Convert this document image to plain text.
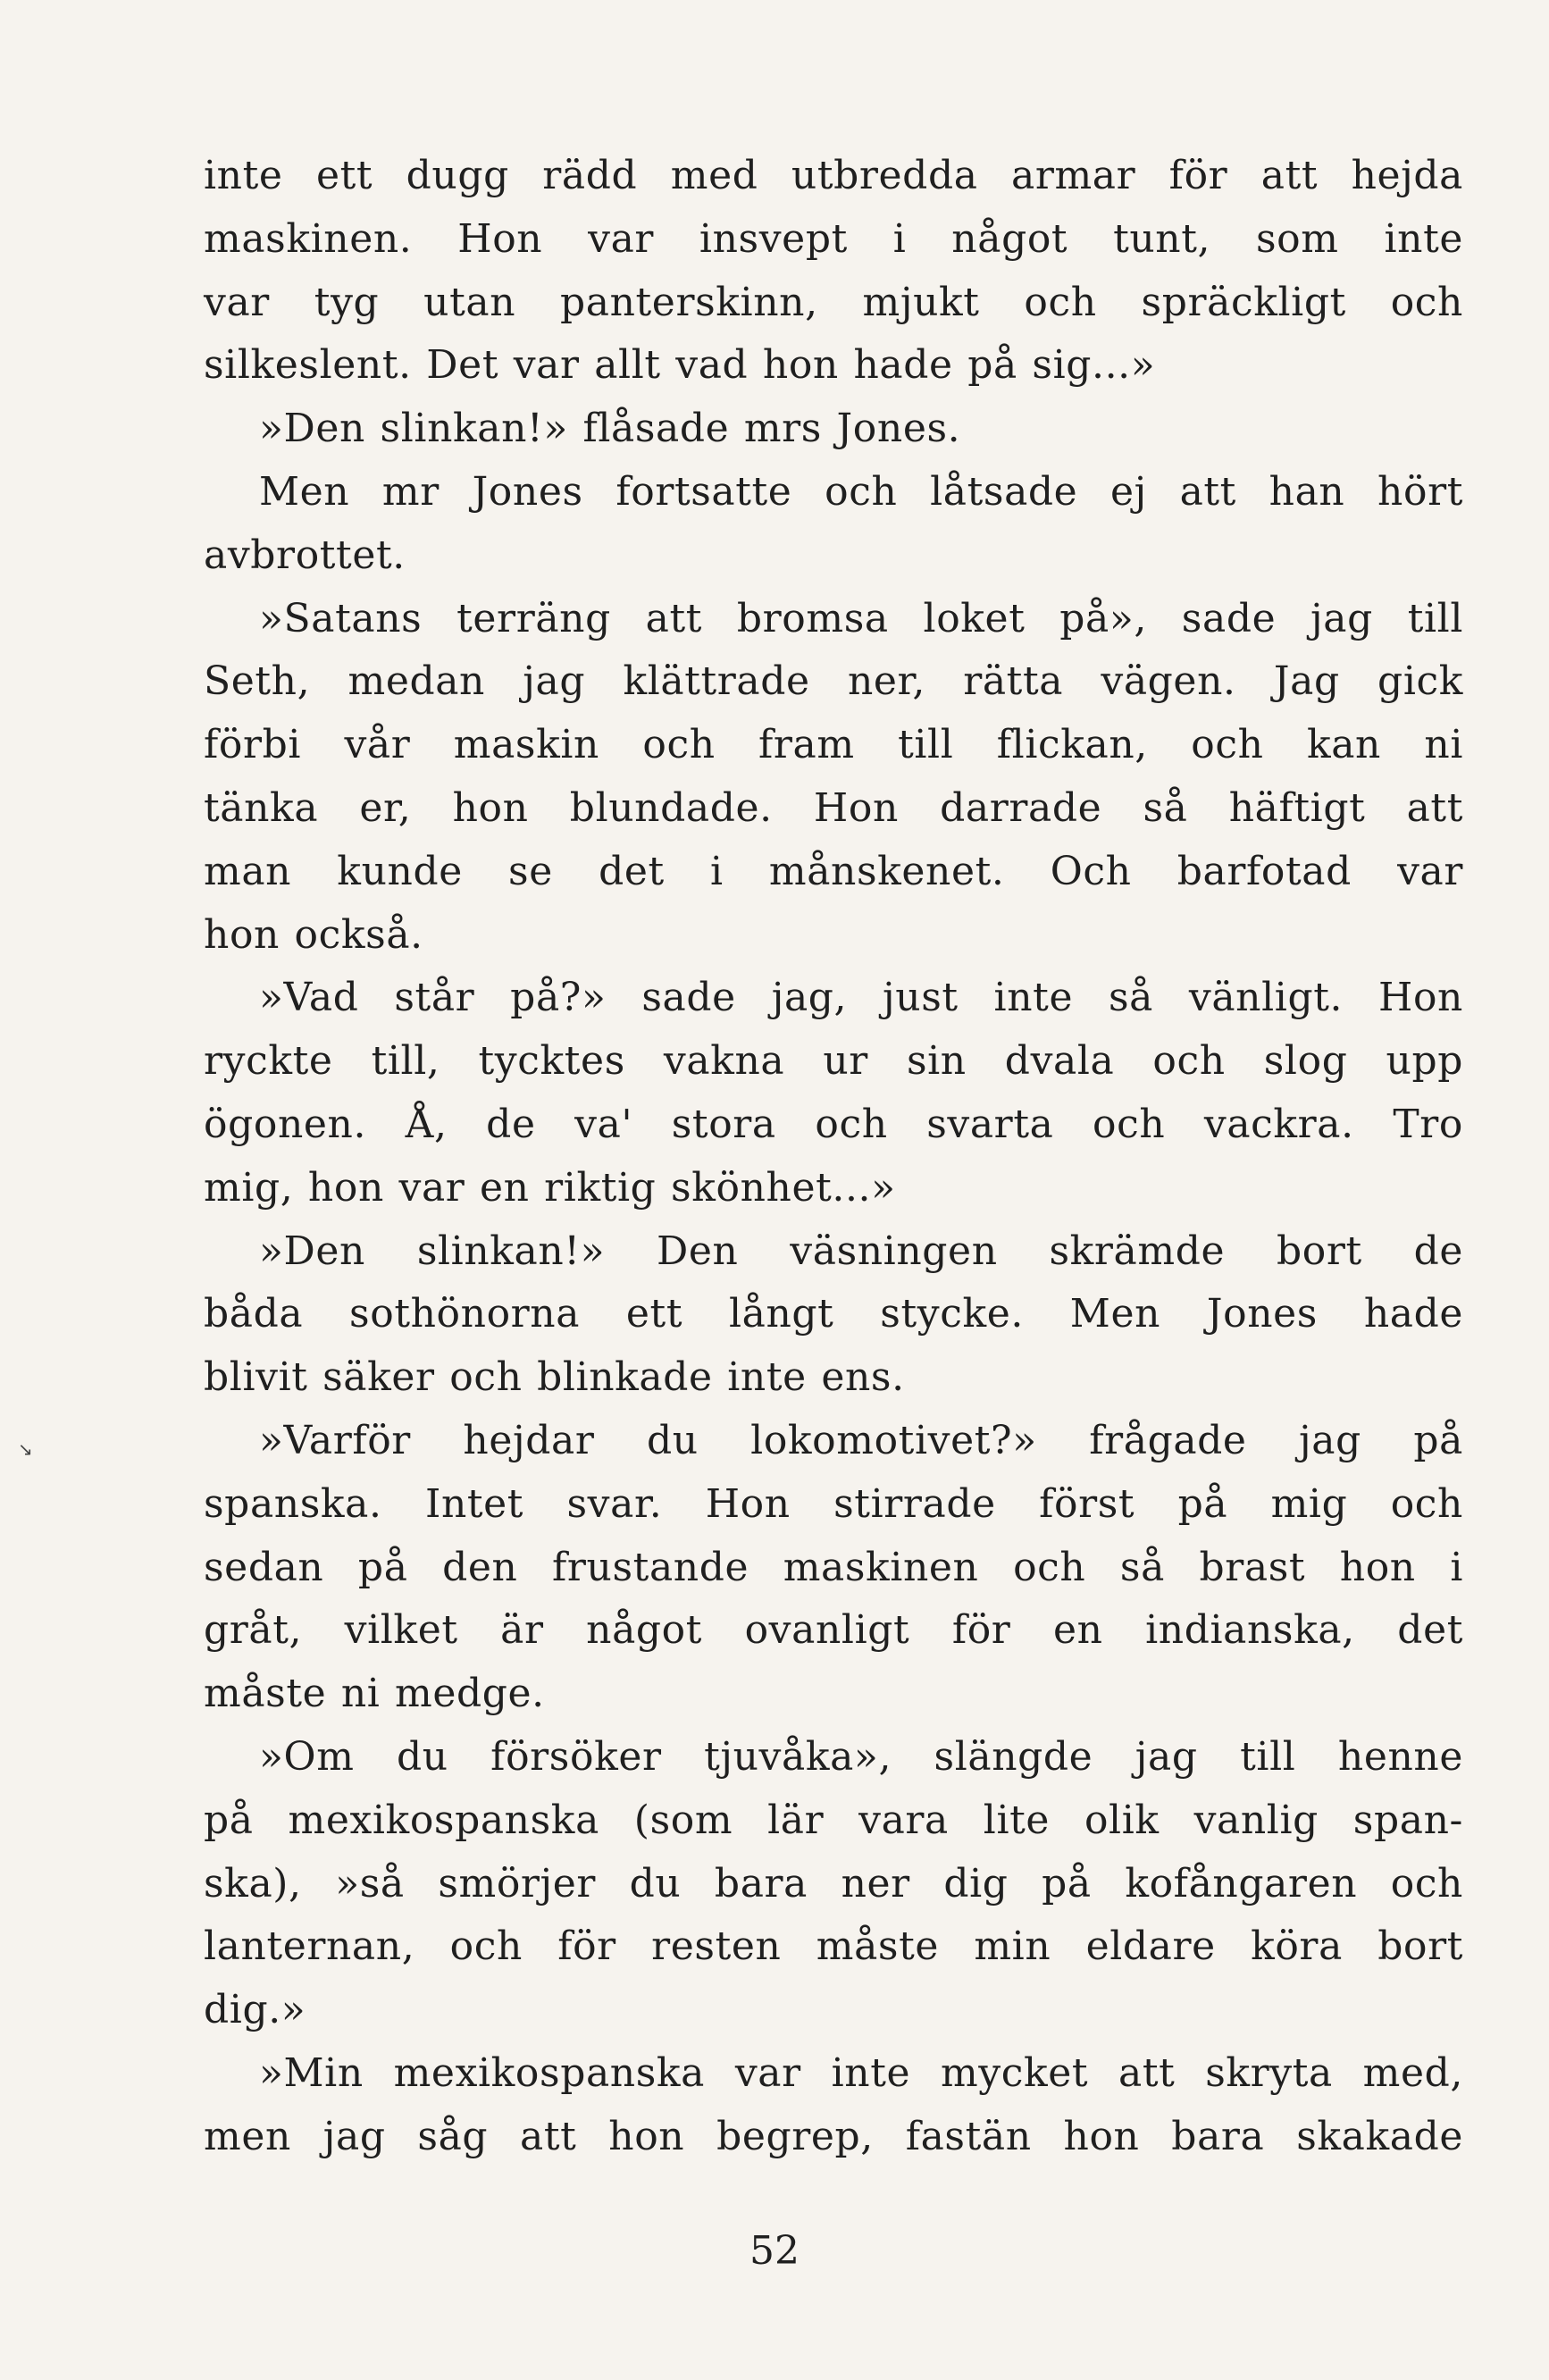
inte ett dugg rädd med utbredda armar för att hejda
maskinen. Hon var insvept i något tunt, som inte
var tyg utan panterskinn, mjukt och spräckligt och
silkeslent. Det var allt vad hon hade på sig...»
»Den slinkan!» flåsade mrs Jones.
Men mr Jones fortsatte och låtsade ej att han hört
avbrottet.
»Satans terräng att bromsa loket på», sade jag till
Seth, medan jag klättrade ner, rätta vägen. Jag gick
förbi vår maskin och fram till flickan, och kan ni
tänka er, hon blundade. Hon darrade så häftigt att
man kunde se det i månskenet. Och barfotad var
hon också.
»Vad står på?» sade jag, just inte så vänligt. Hon
ryckte till, tycktes vakna ur sin dvala och slog upp
ögonen. Å, de va' stora och svarta och vackra. Tro
mig, hon var en riktig skönhet...»
»Den slinkan!» Den väsningen skrämde bort de
båda sothönorna ett långt stycke. Men Jones hade
blivit säker och blinkade inte ens.
»Varför hejdar du lokomotivet?» frågade jag på
spanska. Intet svar. Hon stirrade först på mig och
sedan på den frustande maskinen och så brast hon i
gråt, vilket är något ovanligt för en indianska, det
måste ni medge.
»Om du försöker tjuvåka», slängde jag till henne
på mexikospanska (som lär vara lite olik vanlig span-
ska), »så smörjer du bara ner dig på kofångaren och
lanternan, och för resten måste min eldare köra bort
dig.»
»Min mexikospanska var inte mycket att skryta med,
men jag såg att hon begrep, fastän hon bara skakade
52
↘
